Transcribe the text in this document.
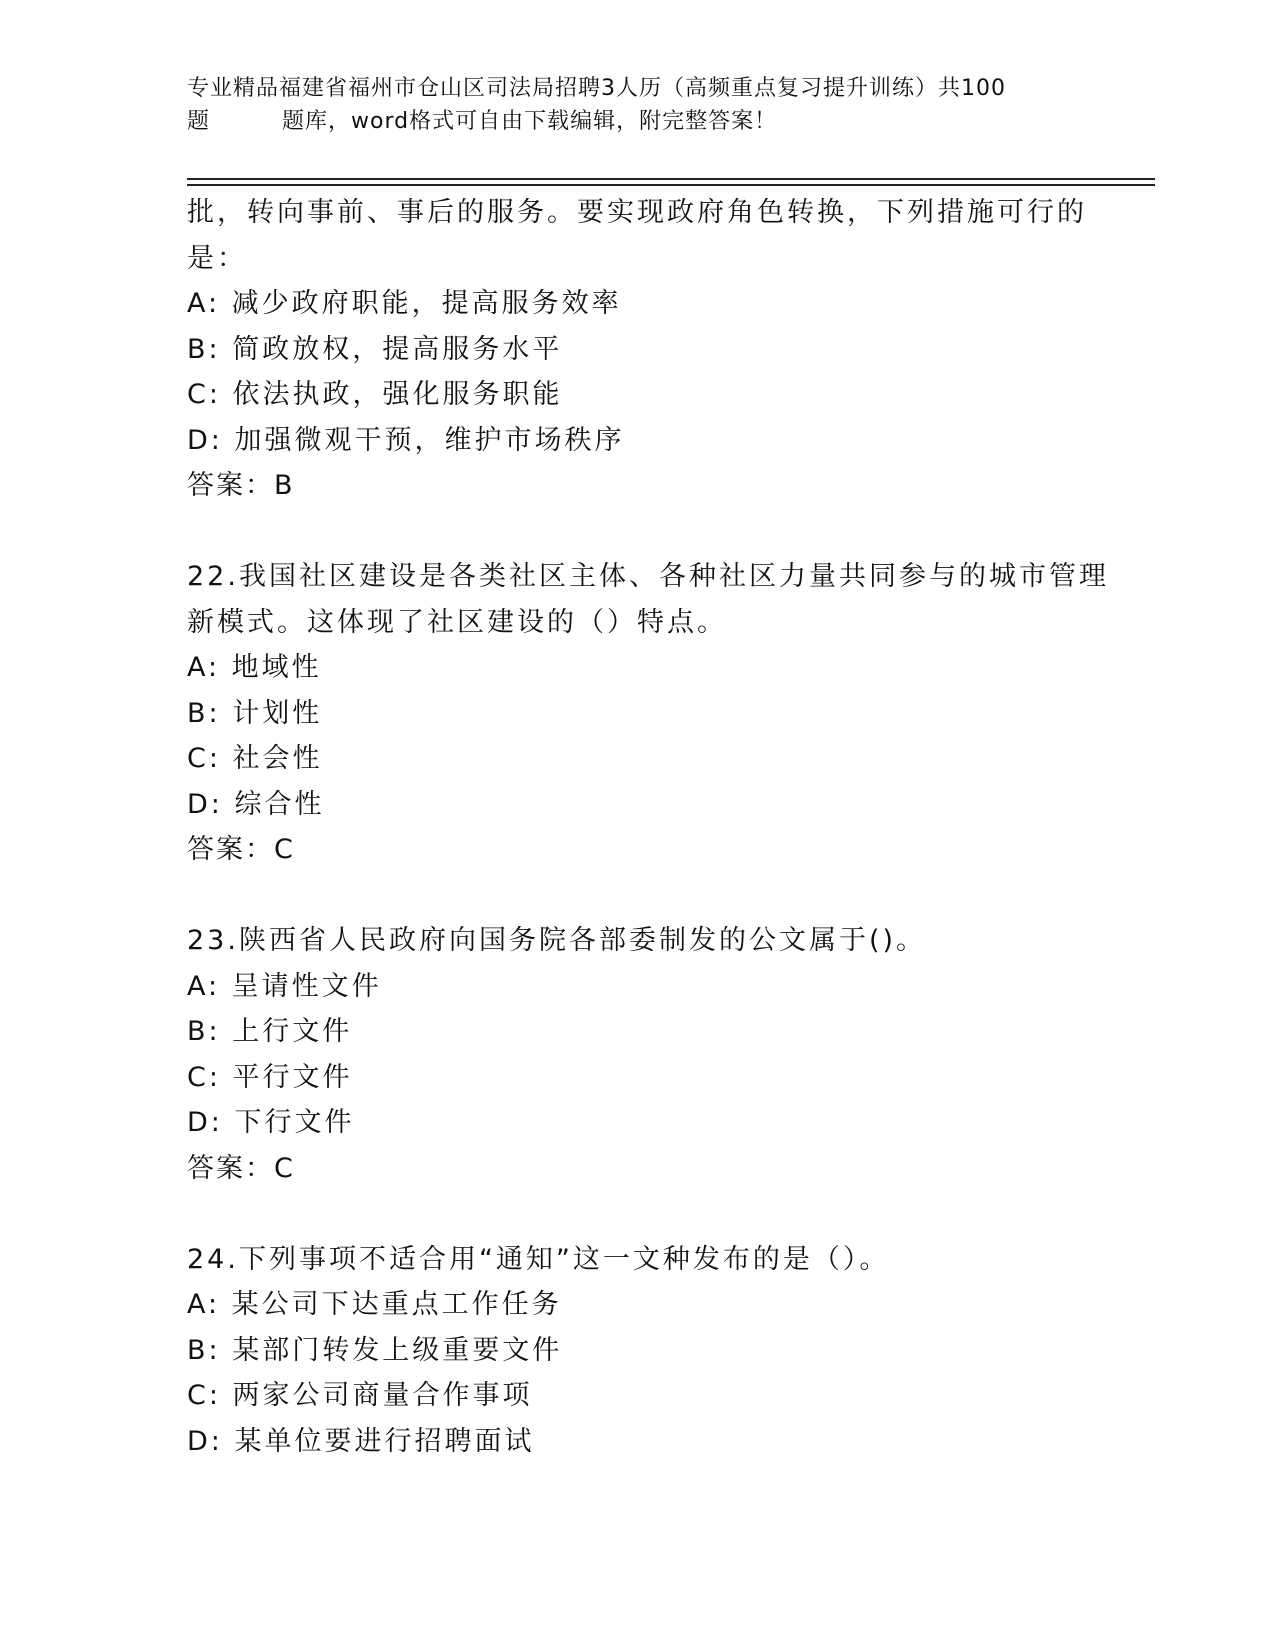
专业精品福建省福州市仓山区司法局招聘3人历（高频重点复习提升训练）共100
题	题库，word格式可自由下载编辑，附完整答案！
批，转向事前、事后的服务。要实现政府角色转换，下列措施可行的
是：
A: 减少政府职能，提高服务效率
B: 简政放权，提高服务水平
C: 依法执政，强化服务职能
D: 加强微观干预，维护市场秩序
答案：B
22.我国社区建设是各类社区主体、各种社区力量共同参与的城市管理
新模式。这体现了社区建设的（）特点。
A: 地域性
B: 计划性
C: 社会性
D: 综合性
答案：C
23.陕西省人民政府向国务院各部委制发的公文属于()。
A: 呈请性文件
B: 上行文件
C: 平行文件
D: 下行文件
答案：C
24.下列事项不适合用“通知”这一文种发布的是（）。
A: 某公司下达重点工作任务
B: 某部门转发上级重要文件
C: 两家公司商量合作事项
D: 某单位要进行招聘面试
